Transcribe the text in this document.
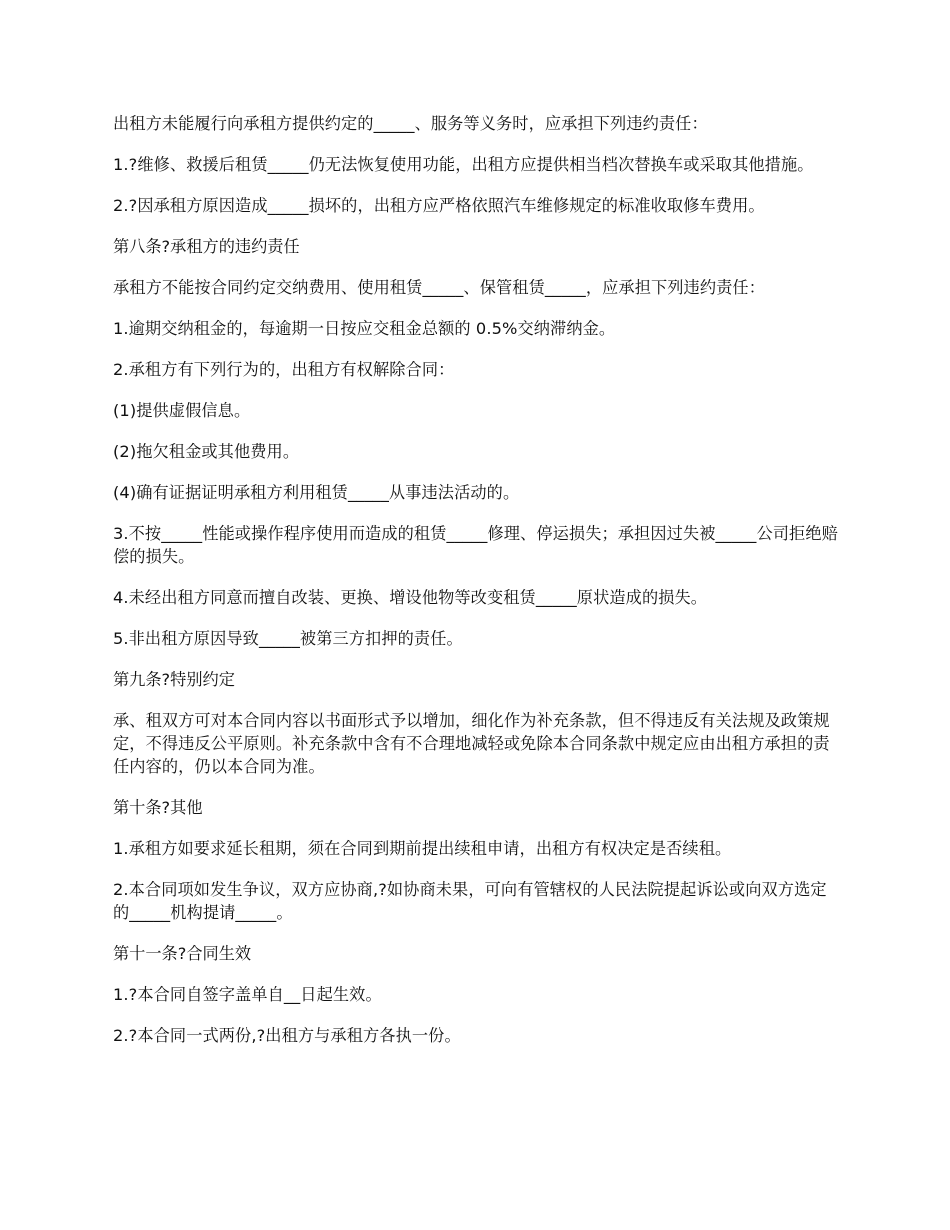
出租方未能履行向承租方提供约定的_____、服务等义务时，应承担下列违约责任：

1.?维修、救援后租赁_____仍无法恢复使用功能，出租方应提供相当档次替换车或采取其他措施。

2.?因承租方原因造成_____损坏的，出租方应严格依照汽车维修规定的标准收取修车费用。

第八条?承租方的违约责任

承租方不能按合同约定交纳费用、使用租赁_____、保管租赁_____，应承担下列违约责任：

1.逾期交纳租金的，每逾期一日按应交租金总额的 0.5%交纳滞纳金。

2.承租方有下列行为的，出租方有权解除合同：

(1)提供虚假信息。

(2)拖欠租金或其他费用。

(4)确有证据证明承租方利用租赁_____从事违法活动的。

3.不按_____性能或操作程序使用而造成的租赁_____修理、停运损失；承担因过失被_____公司拒绝赔偿的损失。

4.未经出租方同意而擅自改装、更换、增设他物等改变租赁_____原状造成的损失。

5.非出租方原因导致_____被第三方扣押的责任。

第九条?特别约定

承、租双方可对本合同内容以书面形式予以增加，细化作为补充条款，但不得违反有关法规及政策规定，不得违反公平原则。补充条款中含有不合理地减轻或免除本合同条款中规定应由出租方承担的责任内容的，仍以本合同为准。

第十条?其他

1.承租方如要求延长租期，须在合同到期前提出续租申请，出租方有权决定是否续租。

2.本合同项如发生争议，双方应协商,?如协商未果，可向有管辖权的人民法院提起诉讼或向双方选定的_____机构提请_____。

第十一条?合同生效

1.?本合同自签字盖单自__日起生效。

2.?本合同一式两份,?出租方与承租方各执一份。
